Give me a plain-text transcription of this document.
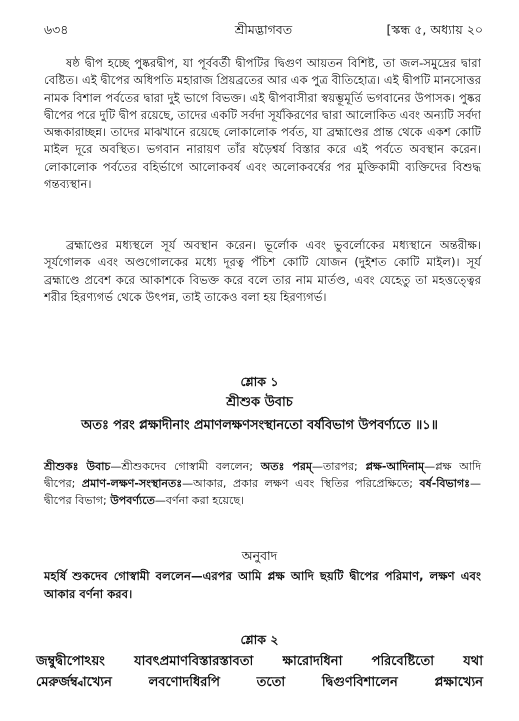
৬৩৪	শ্রীমদ্ভাগবত	[স্কন্ধ ৫, অধ্যায় ২০

ষষ্ঠ দ্বীপ হচ্ছে পুষ্করদ্বীপ, যা পূর্ববর্তী দ্বীপটির দ্বিগুণ আয়তন বিশিষ্ট, তা জল-সমুদ্রের দ্বারা বেষ্টিত। এই দ্বীপের অধিপতি মহারাজ প্রিয়ব্রতের আর এক পুত্র বীতিহোত্র। এই দ্বীপটি মানসোত্তর নামক বিশাল পর্বতের দ্বারা দুই ভাগে বিভক্ত। এই দ্বীপবাসীরা স্বয়ম্ভূমূর্তি ভগবানের উপাসক। পুষ্কর দ্বীপের পরে দুটি দ্বীপ রয়েছে, তাদের একটি সর্বদা সূর্যকিরণের দ্বারা আলোকিত এবং অন্যটি সর্বদা অন্ধকারাচ্ছন্ন। তাদের মাঝখানে রয়েছে লোকালোক পর্বত, যা ব্রহ্মাণ্ডের প্রান্ত থেকে একশ কোটি মাইল দূরে অবস্থিত। ভগবান নারায়ণ তাঁর ষড়ৈশ্বর্য বিস্তার করে এই পর্বতে অবস্থান করেন। লোকালোক পর্বতের বহির্ভাগে আলোকবর্ষ এবং অলোকবর্ষের পর মুক্তিকামী ব্যক্তিদের বিশুদ্ধ গন্তব্যস্থান।

ব্রহ্মাণ্ডের মধ্যস্থলে সূর্য অবস্থান করেন। ভূর্লোক এবং ভুবর্লোকের মধ্যস্থানে অন্তরীক্ষ। সূর্যগোলক এবং অণ্ডগোলকের মধ্যে দূরত্ব পঁচিশ কোটি যোজন (দুইশত কোটি মাইল)। সূর্য ব্রহ্মাণ্ডে প্রবেশ করে আকাশকে বিভক্ত করে বলে তার নাম মার্তণ্ড, এবং যেহেতু তা মহত্তত্ত্বের শরীর হিরণ্যগর্ভ থেকে উৎপন্ন, তাই তাকেও বলা হয় হিরণ্যগর্ভ।

শ্লোক ১
শ্রীশুক উবাচ
অতঃ পরং প্লক্ষাদীনাং প্রমাণলক্ষণসংস্থানতো বর্ষবিভাগ উপবর্ণ্যতে ॥১॥

শ্রীশুকঃ উবাচ—শ্রীশুকদেব গোস্বামী বললেন; অতঃ পরম্—তারপর; প্লক্ষ-আদিনাম্—প্লক্ষ আদি দ্বীপের; প্রমাণ-লক্ষণ-সংস্থানতঃ—আকার, প্রকার লক্ষণ এবং স্থিতির পরিপ্রেক্ষিতে; বর্ষ-বিভাগঃ—দ্বীপের বিভাগ; উপবর্ণ্যতে—বর্ণনা করা হয়েছে।

অনুবাদ

মহর্ষি শুকদেব গোস্বামী বললেন—এরপর আমি প্লক্ষ আদি ছয়টি দ্বীপের পরিমাণ, লক্ষণ এবং আকার বর্ণনা করব।

শ্লোক ২

জম্বুদ্বীপোঽয়ং যাবৎপ্রমাণবিস্তারস্তাবতা ক্ষারোদধিনা পরিবেষ্টিতো যথা

মেরুর্জম্ব্বাখ্যেন লবণোদধিরপি ততো দ্বিগুণবিশালেন প্লক্ষাখ্যেন
